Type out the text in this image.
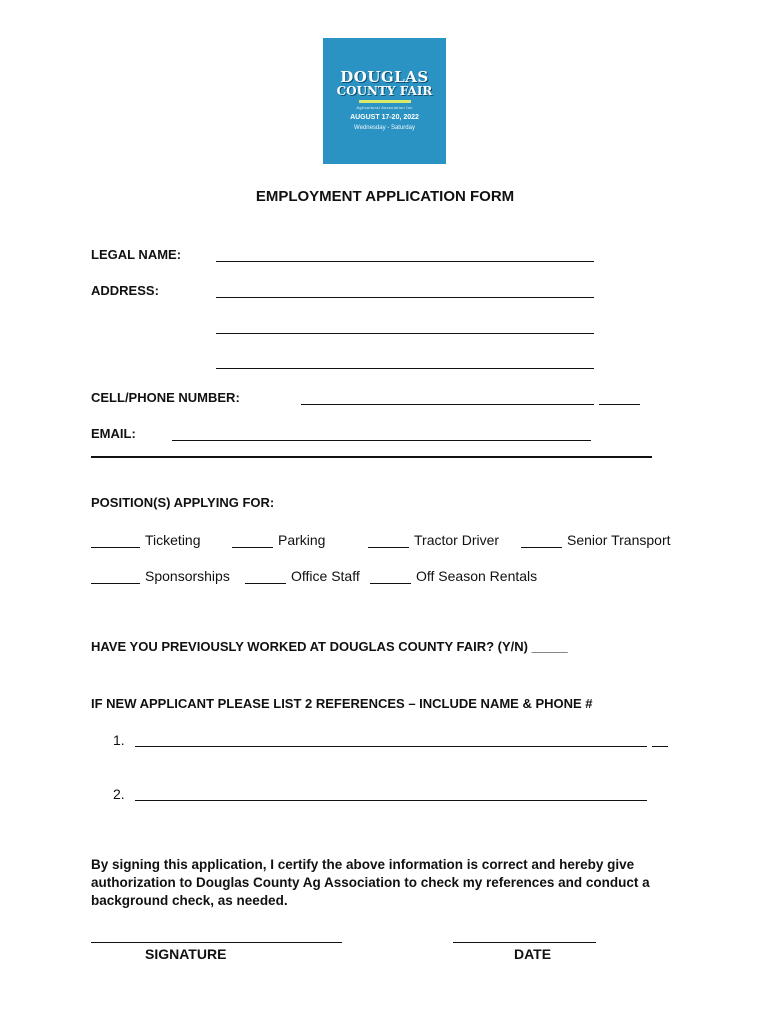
DOUGLAS
COUNTY FAIR
Agricultural Association Inc
AUGUST 17-20, 2022
Wednesday - Saturday
EMPLOYMENT APPLICATION FORM
LEGAL NAME:
ADDRESS:
CELL/PHONE NUMBER:
EMAIL:
POSITION(S) APPLYING FOR:
Ticketing	Parking	Tractor Driver	Senior Transport
Sponsorships	Office Staff	Off Season Rentals
HAVE YOU PREVIOUSLY WORKED AT DOUGLAS COUNTY FAIR? (Y/N) _____
IF NEW APPLICANT PLEASE LIST 2 REFERENCES – INCLUDE NAME & PHONE #
1.
2.
By signing this application, I certify the above information is correct and hereby give authorization to Douglas County Ag Association to check my references and conduct a background check, as needed.
SIGNATURE	DATE
